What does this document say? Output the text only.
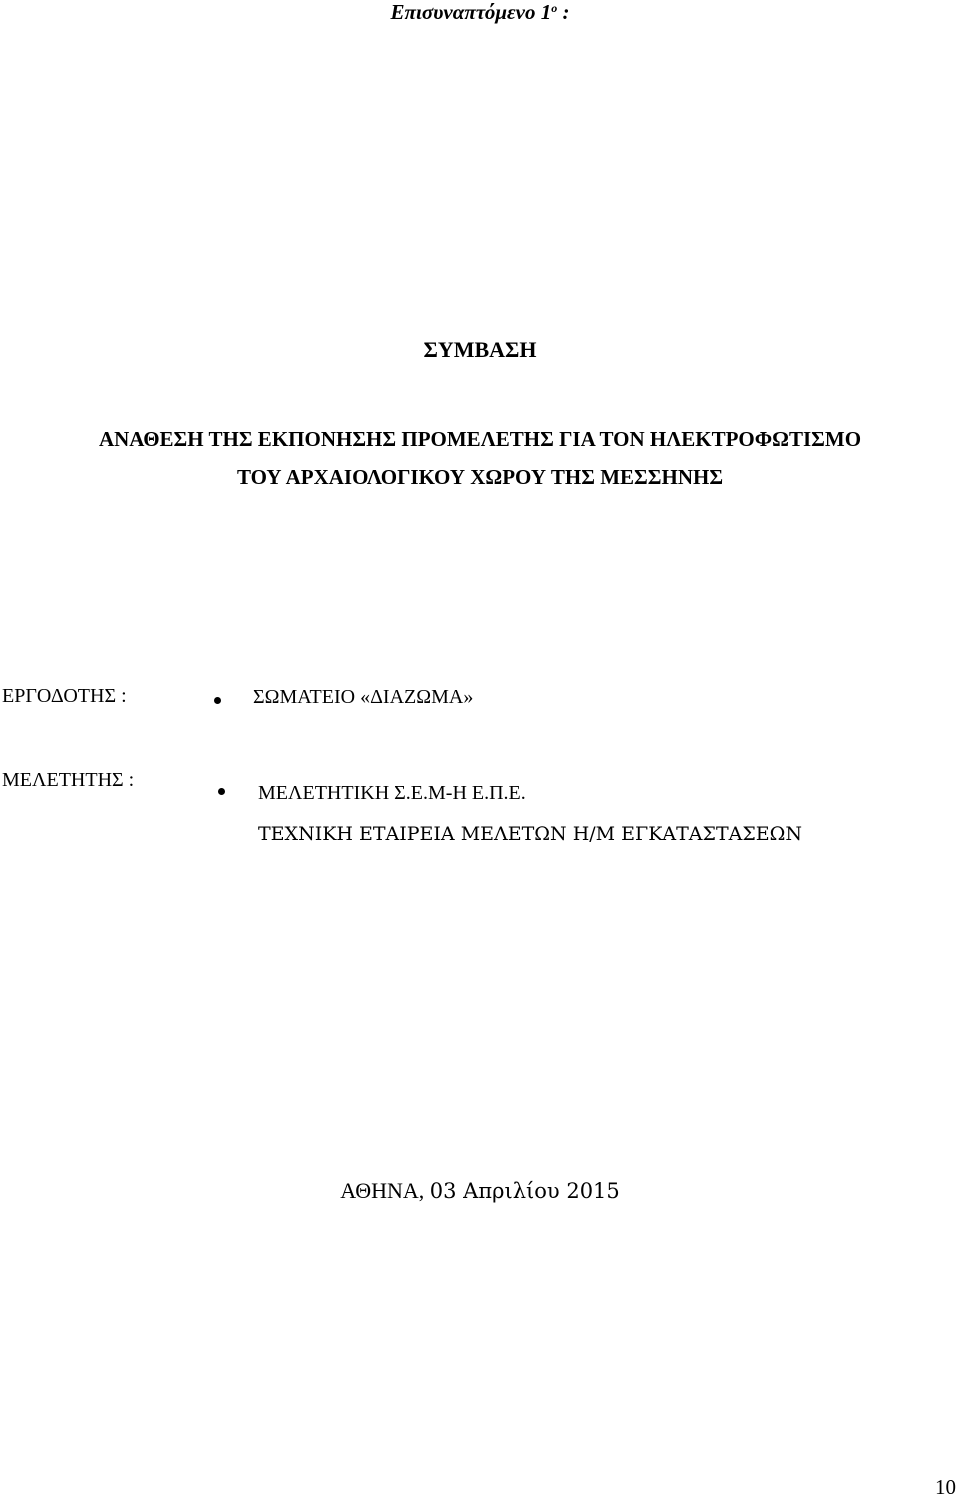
Επισυναπτόμενο $1^o$ :
ΣΥΜΒΑΣΗ
ΑΝΑΘΕΣΗ ΤΗΣ ΕΚΠΟΝΗΣΗΣ ΠΡΟΜΕΛΕΤΗΣ ΓΙΑ ΤΟΝ ΗΛΕΚΤΡΟΦΩΤΙΣΜΟ
ΤΟΥ ΑΡΧΑΙΟΛΟΓΙΚΟΥ ΧΩΡΟΥ ΤΗΣ ΜΕΣΣΗΝΗΣ
ΕΡΓΟΔΟΤΗΣ :	ΣΩΜΑΤΕΙΟ «ΔΙΑΖΩΜΑ»
ΜΕΛΕΤΗΤΗΣ :
ΜΕΛΕΤΗΤΙΚΗ Σ.Ε.Μ-Η Ε.Π.Ε.
ΤΕΧΝΙΚΗ ΕΤΑΙΡΕΙΑ ΜΕΛΕΤΩΝ Η/Μ ΕΓΚΑΤΑΣΤΑΣΕΩΝ
ΑΘΗΝΑ, 03 Απριλίου 2015
10
